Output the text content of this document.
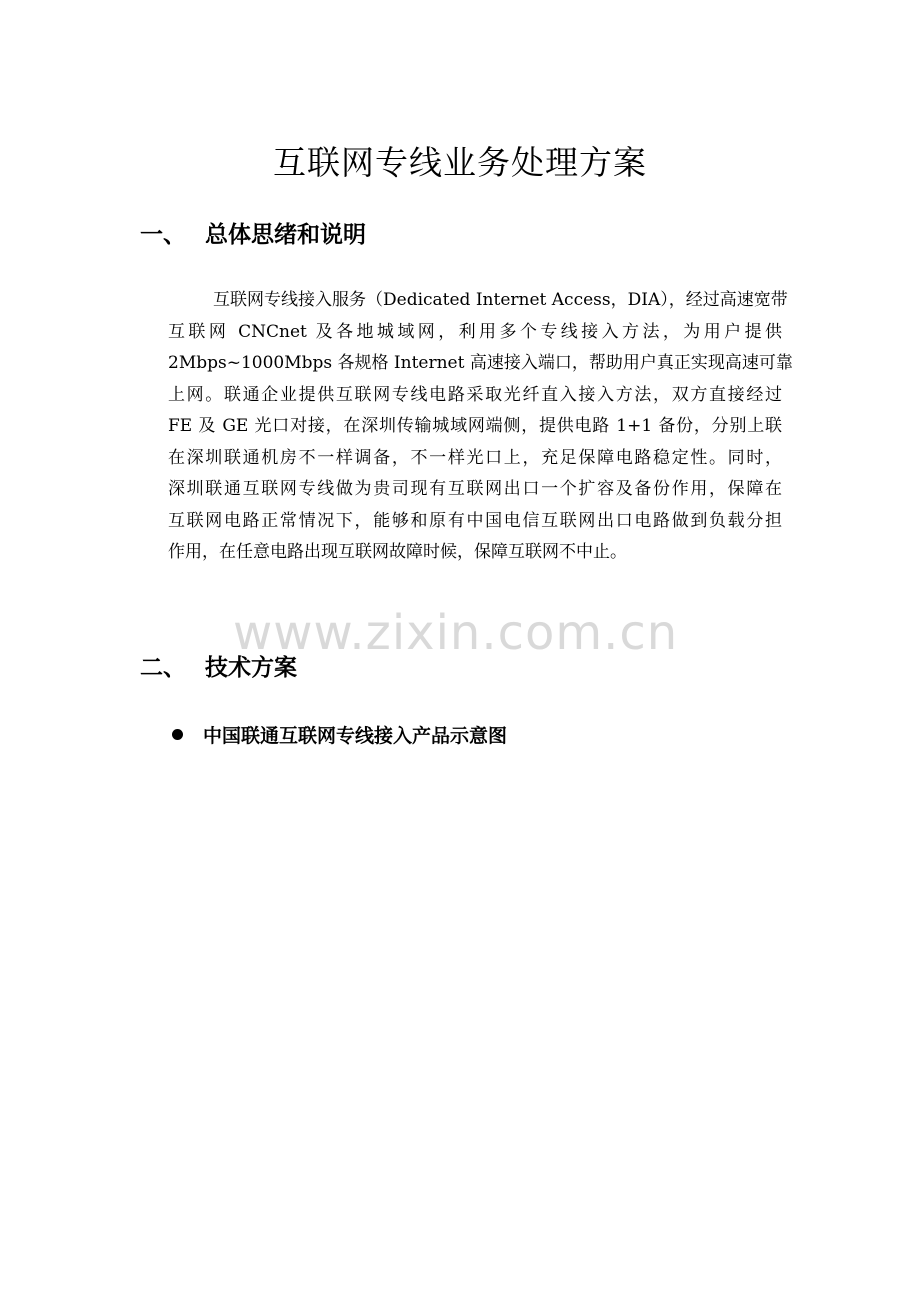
互联网专线业务处理方案
一、 总体思绪和说明
互联网专线接入服务（Dedicated Internet Access，DIA），经过高速宽带
互联网 CNCnet 及各地城域网，利用多个专线接入方法，为用户提供
2Mbps~1000Mbps 各规格 Internet 高速接入端口，帮助用户真正实现高速可靠
上网。联通企业提供互联网专线电路采取光纤直入接入方法，双方直接经过
FE 及 GE 光口对接，在深圳传输城域网端侧，提供电路 1+1 备份，分别上联
在深圳联通机房不一样调备，不一样光口上，充足保障电路稳定性。同时，
深圳联通互联网专线做为贵司现有互联网出口一个扩容及备份作用，保障在
互联网电路正常情况下，能够和原有中国电信互联网出口电路做到负载分担
作用，在任意电路出现互联网故障时候，保障互联网不中止。
www.zixin.com.cn
二、 技术方案
中国联通互联网专线接入产品示意图
